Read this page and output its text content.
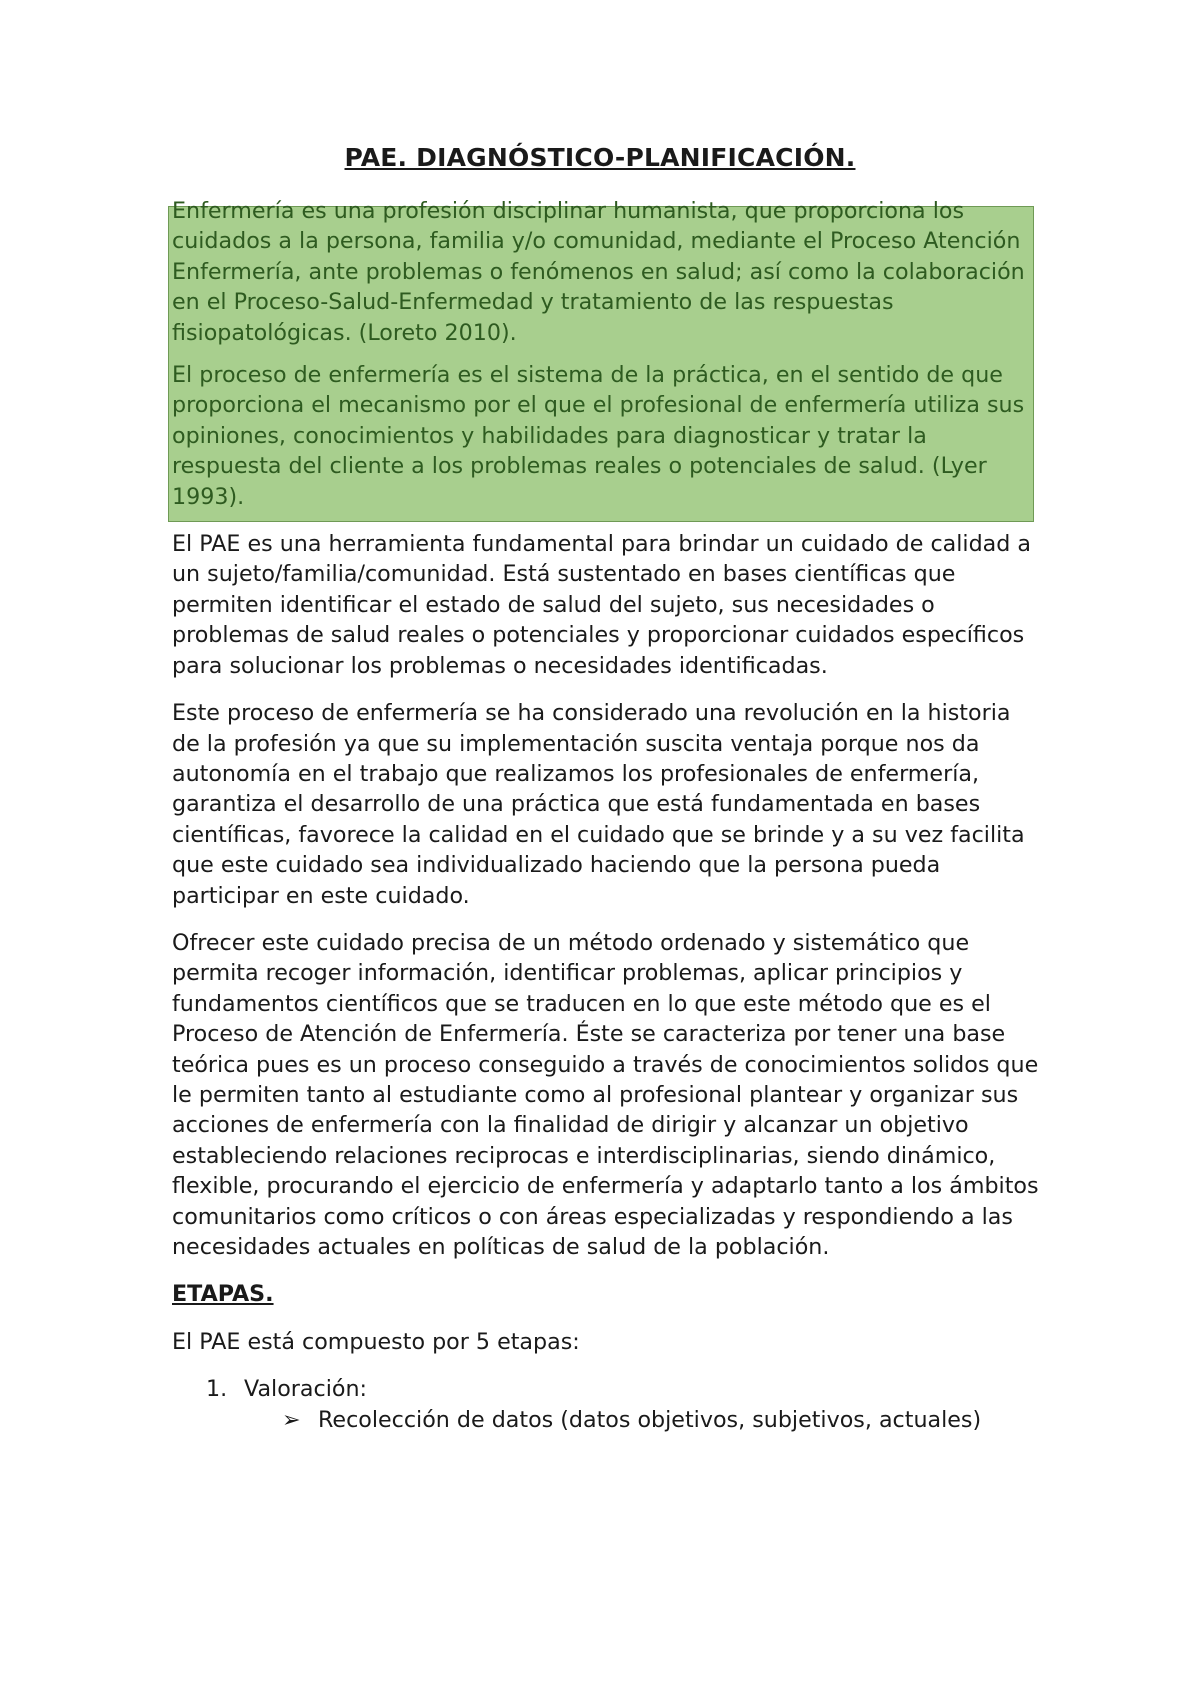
PAE. DIAGNÓSTICO-PLANIFICACIÓN.

Enfermería es una profesión disciplinar humanista, que proporciona los cuidados a la persona, familia y/o comunidad, mediante el Proceso Atención Enfermería, ante problemas o fenómenos en salud; así como la colaboración en el Proceso-Salud-Enfermedad y tratamiento de las respuestas fisiopatológicas. (Loreto 2010).

El proceso de enfermería es el sistema de la práctica, en el sentido de que proporciona el mecanismo por el que el profesional de enfermería utiliza sus opiniones, conocimientos y habilidades para diagnosticar y tratar la respuesta del cliente a los problemas reales o potenciales de salud. (Lyer 1993).

El PAE es una herramienta fundamental para brindar un cuidado de calidad a un sujeto/familia/comunidad. Está sustentado en bases científicas que permiten identificar el estado de salud del sujeto, sus necesidades o problemas de salud reales o potenciales y proporcionar cuidados específicos para solucionar los problemas o necesidades identificadas.

Este proceso de enfermería se ha considerado una revolución en la historia de la profesión ya que su implementación suscita ventaja porque nos da autonomía en el trabajo que realizamos los profesionales de enfermería, garantiza el desarrollo de una práctica que está fundamentada en bases científicas, favorece la calidad en el cuidado que se brinde y a su vez facilita que este cuidado sea individualizado haciendo que la persona pueda participar en este cuidado.

Ofrecer este cuidado precisa de un método ordenado y sistemático que permita recoger información, identificar problemas, aplicar principios y fundamentos científicos que se traducen en lo que este método que es el Proceso de Atención de Enfermería. Éste se caracteriza por tener una base teórica pues es un proceso conseguido a través de conocimientos solidos que le permiten tanto al estudiante como al profesional plantear y organizar sus acciones de enfermería con la finalidad de dirigir y alcanzar un objetivo estableciendo relaciones reciprocas e interdisciplinarias, siendo dinámico, flexible, procurando el ejercicio de enfermería y adaptarlo tanto a los ámbitos comunitarios como críticos o con áreas especializadas y respondiendo a las necesidades actuales en políticas de salud de la población.

ETAPAS.

El PAE está compuesto por 5 etapas:

1. Valoración:
➢ Recolección de datos (datos objetivos, subjetivos, actuales)
